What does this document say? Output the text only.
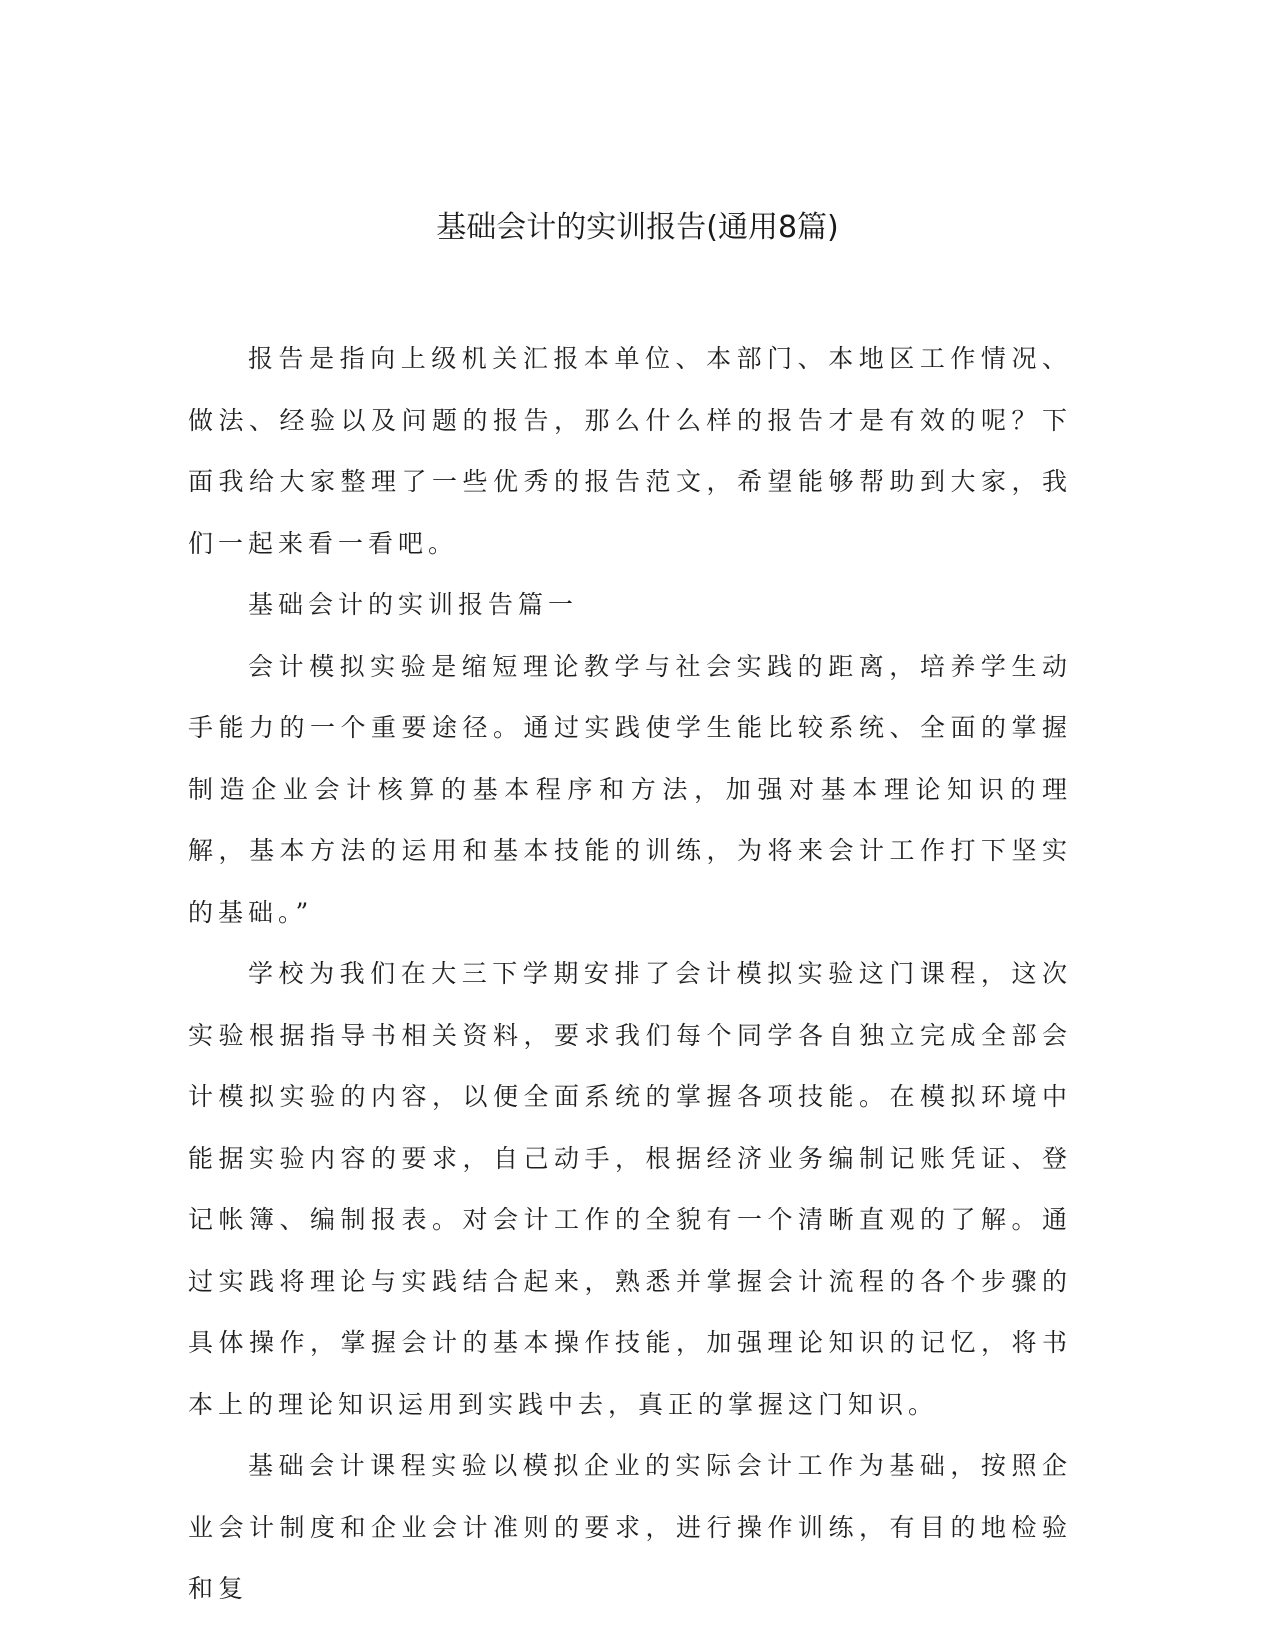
基础会计的实训报告(通用8篇)

报告是指向上级机关汇报本单位、本部门、本地区工作情况、做法、经验以及问题的报告，那么什么样的报告才是有效的呢？下面我给大家整理了一些优秀的报告范文，希望能够帮助到大家，我们一起来看一看吧。

基础会计的实训报告篇一

会计模拟实验是缩短理论教学与社会实践的距离，培养学生动手能力的一个重要途径。通过实践使学生能比较系统、全面的掌握制造企业会计核算的基本程序和方法，加强对基本理论知识的理解，基本方法的运用和基本技能的训练，为将来会计工作打下坚实的基础。”

学校为我们在大三下学期安排了会计模拟实验这门课程，这次实验根据指导书相关资料，要求我们每个同学各自独立完成全部会计模拟实验的内容，以便全面系统的掌握各项技能。在模拟环境中能据实验内容的要求，自己动手，根据经济业务编制记账凭证、登记帐簿、编制报表。对会计工作的全貌有一个清晰直观的了解。通过实践将理论与实践结合起来，熟悉并掌握会计流程的各个步骤的具体操作，掌握会计的基本操作技能，加强理论知识的记忆，将书本上的理论知识运用到实践中去，真正的掌握这门知识。

基础会计课程实验以模拟企业的实际会计工作为基础，按照企业会计制度和企业会计准则的要求，进行操作训练，有目的地检验和复
